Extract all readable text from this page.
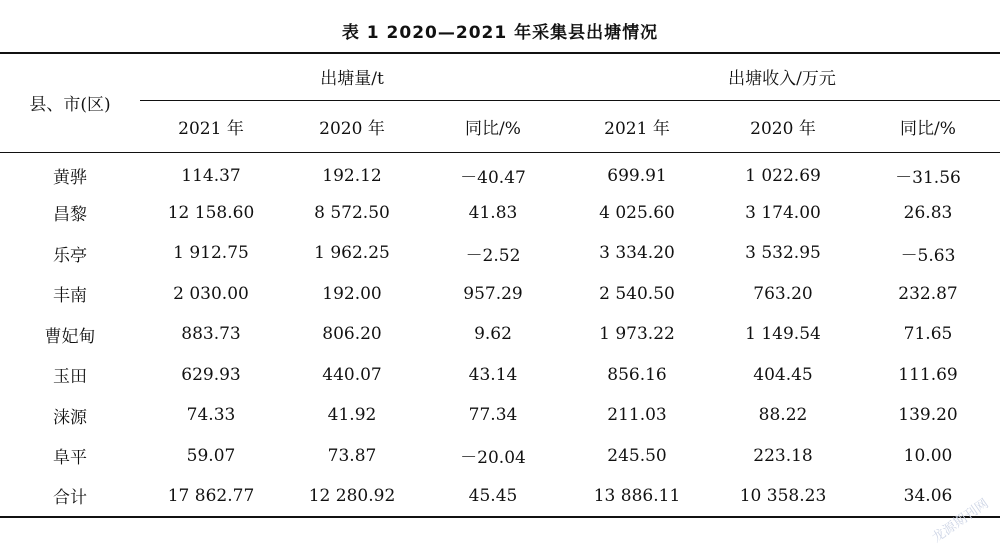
表 1 2020—2021 年采集县出塘情况
县、市(区)	出塘量/t			出塘收入/万元		
	2021 年	2020 年	同比/%	2021 年	2020 年	同比/%
黄骅	114.37	192.12	－40.47	699.91	1 022.69	－31.56
昌黎	12 158.60	8 572.50	41.83	4 025.60	3 174.00	26.83
乐亭	1 912.75	1 962.25	－2.52	3 334.20	3 532.95	－5.63
丰南	2 030.00	192.00	957.29	2 540.50	763.20	232.87
曹妃甸	883.73	806.20	9.62	1 973.22	1 149.54	71.65
玉田	629.93	440.07	43.14	856.16	404.45	111.69
涞源	74.33	41.92	77.34	211.03	88.22	139.20
阜平	59.07	73.87	－20.04	245.50	223.18	10.00
合计	17 862.77	12 280.92	45.45	13 886.11	10 358.23	34.06
龙源期刊网
